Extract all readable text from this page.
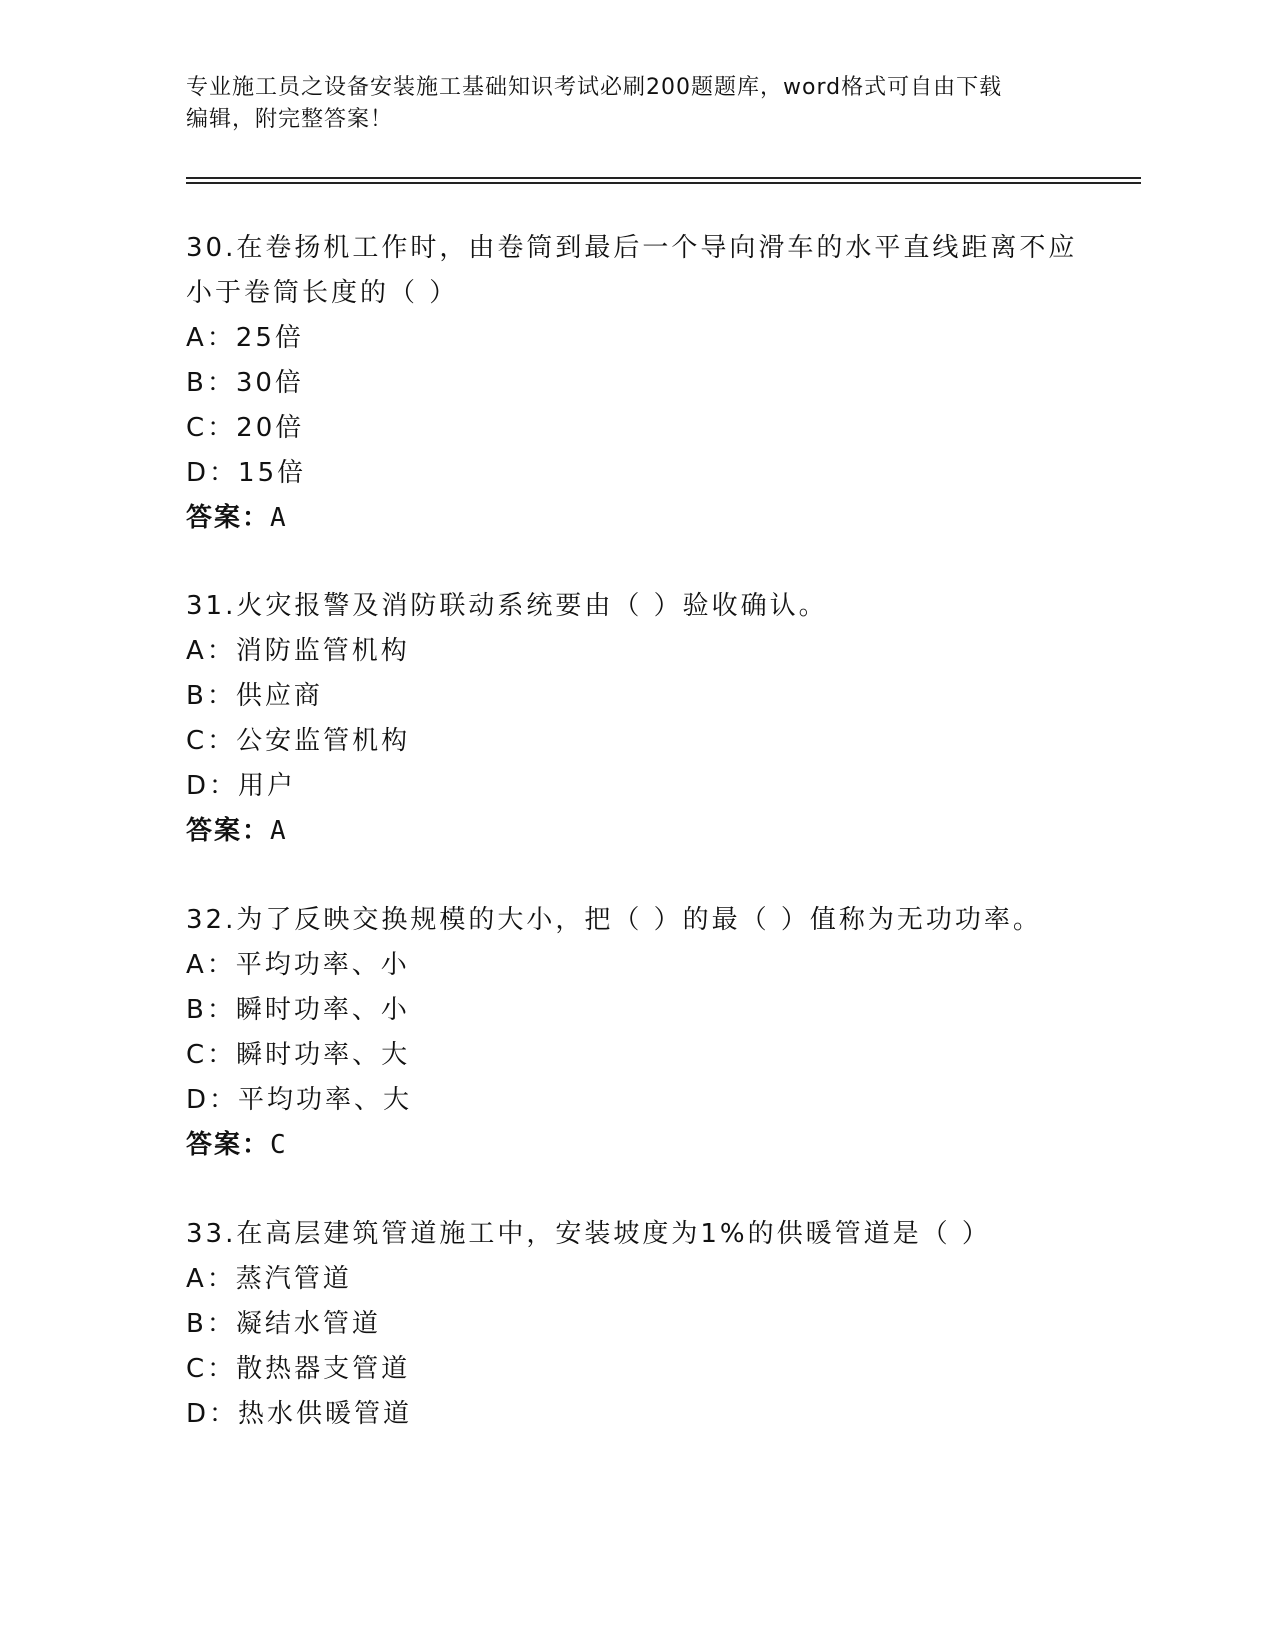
专业施工员之设备安装施工基础知识考试必刷200题题库，word格式可自由下载
编辑，附完整答案！

30.在卷扬机工作时，由卷筒到最后一个导向滑车的水平直线距离不应

小于卷筒长度的（ ）

A：25倍

B：30倍

C：20倍

D：15倍

答案：A

31.火灾报警及消防联动系统要由（ ）验收确认。

A：消防监管机构

B：供应商

C：公安监管机构

D：用户

答案：A

32.为了反映交换规模的大小，把（ ）的最（ ）值称为无功功率。

A：平均功率、小

B：瞬时功率、小

C：瞬时功率、大

D：平均功率、大

答案：C

33.在高层建筑管道施工中，安装坡度为1%的供暖管道是（ ）

A：蒸汽管道

B：凝结水管道

C：散热器支管道

D：热水供暖管道
